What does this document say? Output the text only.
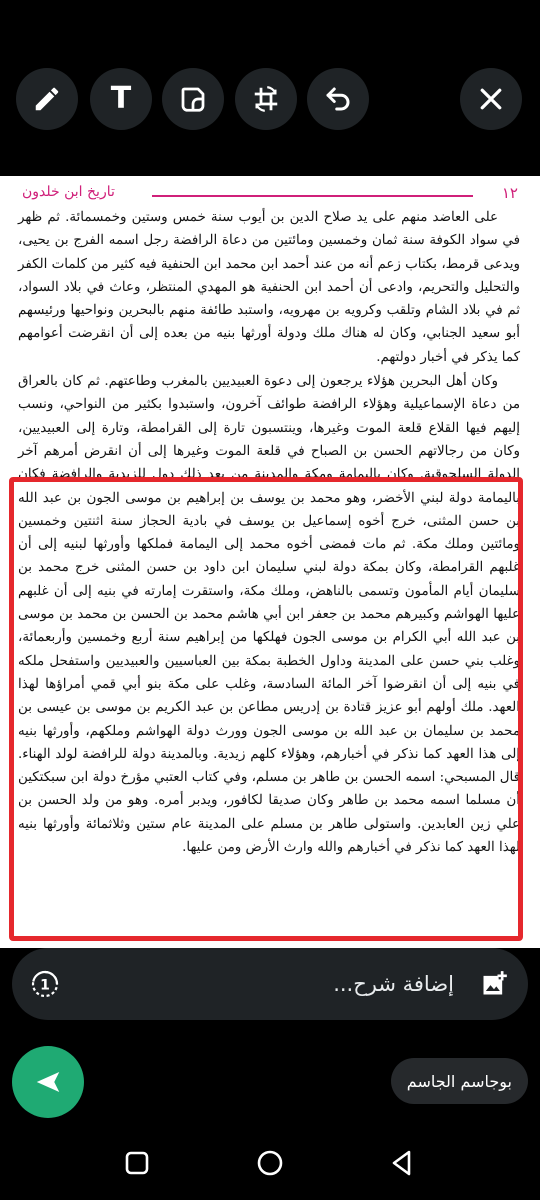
T
١٢
تاريخ ابن خلدون

على العاضد منهم على يد صلاح الدين بن أيوب سنة خمس وستين وخمسمائة. ثم ظهر في سواد الكوفة سنة ثمان وخمسين ومائتين من دعاة الرافضة رجل اسمه الفرج بن يحيى، ويدعى قرمط، بكتاب زعم أنه من عند أحمد ابن محمد ابن الحنفية فيه كثير من كلمات الكفر والتحليل والتحريم، وادعى أن أحمد ابن الحنفية هو المهدي المنتظر، وعاث في بلاد السواد، ثم في بلاد الشام وتلقب وكرويه بن مهرويه، واستبد طائفة منهم بالبحرين ونواحيها ورئيسهم أبو سعيد الجنابي، وكان له هناك ملك ودولة أورثها بنيه من بعده إلى أن انقرضت أعوامهم كما يذكر في أخبار دولتهم.

وكان أهل البحرين هؤلاء يرجعون إلى دعوة العبيديين بالمغرب وطاعتهم. ثم كان بالعراق من دعاة الإسماعيلية وهؤلاء الرافضة طوائف آخرون، واستبدوا بكثير من النواحي، ونسب إليهم فيها القلاع قلعة الموت وغيرها، وينتسبون تارة إلى القرامطة، وتارة إلى العبيديين، وكان من رجالاتهم الحسن بن الصباح في قلعة الموت وغيرها إلى أن انقرض أمرهم آخر الدولة السلجوقية. وكان باليمامة ومكة والمدينة من بعد ذلك دول للزيدية والرافضة فكان باليمامة دولة لبني الأخضر، وهو محمد بن يوسف بن إبراهيم بن موسى الجون بن عبد الله بن حسن المثنى، خرج أخوه إسماعيل بن يوسف في بادية الحجاز سنة اثنتين وخمسين ومائتين وملك مكة. ثم مات فمضى أخوه محمد إلى اليمامة فملكها وأورثها لبنيه إلى أن غلبهم القرامطة، وكان بمكة دولة لبني سليمان ابن داود بن حسن المثنى خرج محمد بن سليمان أيام المأمون وتسمى بالناهض، وملك مكة، واستقرت إمارته في بنيه إلى أن غلبهم عليها الهواشم وكبيرهم محمد بن جعفر ابن أبي هاشم محمد بن الحسن بن محمد بن موسى بن عبد الله أبي الكرام بن موسى الجون فهلكها من إبراهيم سنة أربع وخمسين وأربعمائة، وغلب بني حسن على المدينة وداول الخطبة بمكة بين العباسيين والعبيديين واستفحل ملكه في بنيه إلى أن انقرضوا آخر المائة السادسة، وغلب على مكة بنو أبي قمي أمراؤها لهذا العهد. ملك أولهم أبو عزيز قتادة بن إدريس مطاعن بن عبد الكريم بن موسى بن عيسى بن محمد بن سليمان بن عبد الله بن موسى الجون وورث دولة الهواشم وملكهم، وأورثها بنيه إلى هذا العهد كما نذكر في أخبارهم، وهؤلاء كلهم زيدية. وبالمدينة دولة للرافضة لولد الهناء. قال المسبحي: اسمه الحسن بن طاهر بن مسلم، وفي كتاب العتبي مؤرخ دولة ابن سبكتكين أن مسلما اسمه محمد بن طاهر وكان صديقا لكافور، ويدبر أمره. وهو من ولد الحسن بن علي زين العابدين. واستولى طاهر بن مسلم على المدينة عام ستين وثلاثمائة وأورثها بنيه لهذا العهد كما نذكر في أخبارهم والله وارث الأرض ومن عليها.

1
إضافة شرح...
بوجاسم الجاسم
